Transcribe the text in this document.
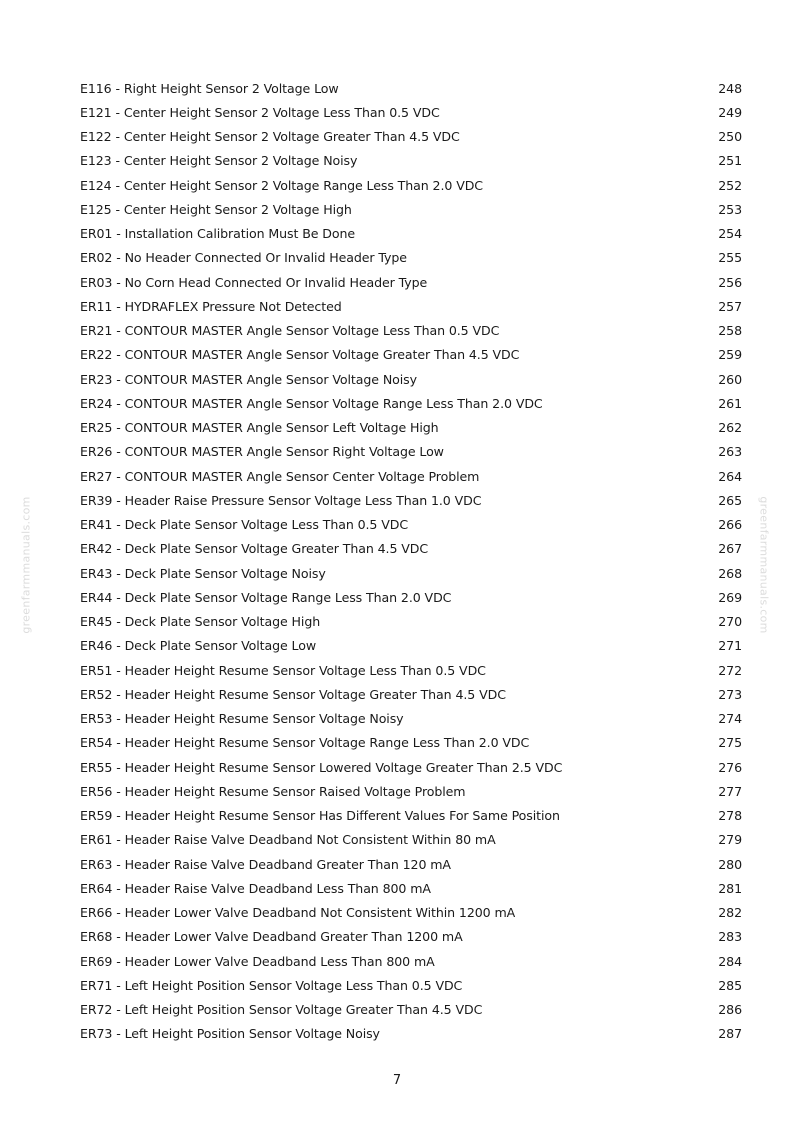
greenfarmmanuals.com	greenfarmmanuals.com
E116 - Right Height Sensor 2 Voltage Low	248
E121 - Center Height Sensor 2 Voltage Less Than 0.5 VDC	249
E122 - Center Height Sensor 2 Voltage Greater Than 4.5 VDC	250
E123 - Center Height Sensor 2 Voltage Noisy	251
E124 - Center Height Sensor 2 Voltage Range Less Than 2.0 VDC	252
E125 - Center Height Sensor 2 Voltage High	253
ER01 - Installation Calibration Must Be Done	254
ER02 - No Header Connected Or Invalid Header Type	255
ER03 - No Corn Head Connected Or Invalid Header Type	256
ER11 - HYDRAFLEX Pressure Not Detected	257
ER21 - CONTOUR MASTER Angle Sensor Voltage Less Than 0.5 VDC	258
ER22 - CONTOUR MASTER Angle Sensor Voltage Greater Than 4.5 VDC	259
ER23 - CONTOUR MASTER Angle Sensor Voltage Noisy	260
ER24 - CONTOUR MASTER Angle Sensor Voltage Range Less Than 2.0 VDC	261
ER25 - CONTOUR MASTER Angle Sensor Left Voltage High	262
ER26 - CONTOUR MASTER Angle Sensor Right Voltage Low	263
ER27 - CONTOUR MASTER Angle Sensor Center Voltage Problem	264
ER39 - Header Raise Pressure Sensor Voltage Less Than 1.0 VDC	265
ER41 - Deck Plate Sensor Voltage Less Than 0.5 VDC	266
ER42 - Deck Plate Sensor Voltage Greater Than 4.5 VDC	267
ER43 - Deck Plate Sensor Voltage Noisy	268
ER44 - Deck Plate Sensor Voltage Range Less Than 2.0 VDC	269
ER45 - Deck Plate Sensor Voltage High	270
ER46 - Deck Plate Sensor Voltage Low	271
ER51 - Header Height Resume Sensor Voltage Less Than 0.5 VDC	272
ER52 - Header Height Resume Sensor Voltage Greater Than 4.5 VDC	273
ER53 - Header Height Resume Sensor Voltage Noisy	274
ER54 - Header Height Resume Sensor Voltage Range Less Than 2.0 VDC	275
ER55 - Header Height Resume Sensor Lowered Voltage Greater Than 2.5 VDC	276
ER56 - Header Height Resume Sensor Raised Voltage Problem	277
ER59 - Header Height Resume Sensor Has Different Values For Same Position	278
ER61 - Header Raise Valve Deadband Not Consistent Within 80 mA	279
ER63 - Header Raise Valve Deadband Greater Than 120 mA	280
ER64 - Header Raise Valve Deadband Less Than 800 mA	281
ER66 - Header Lower Valve Deadband Not Consistent Within 1200 mA	282
ER68 - Header Lower Valve Deadband Greater Than 1200 mA	283
ER69 - Header Lower Valve Deadband Less Than 800 mA	284
ER71 - Left Height Position Sensor Voltage Less Than 0.5 VDC	285
ER72 - Left Height Position Sensor Voltage Greater Than 4.5 VDC	286
ER73 - Left Height Position Sensor Voltage Noisy	287
7
